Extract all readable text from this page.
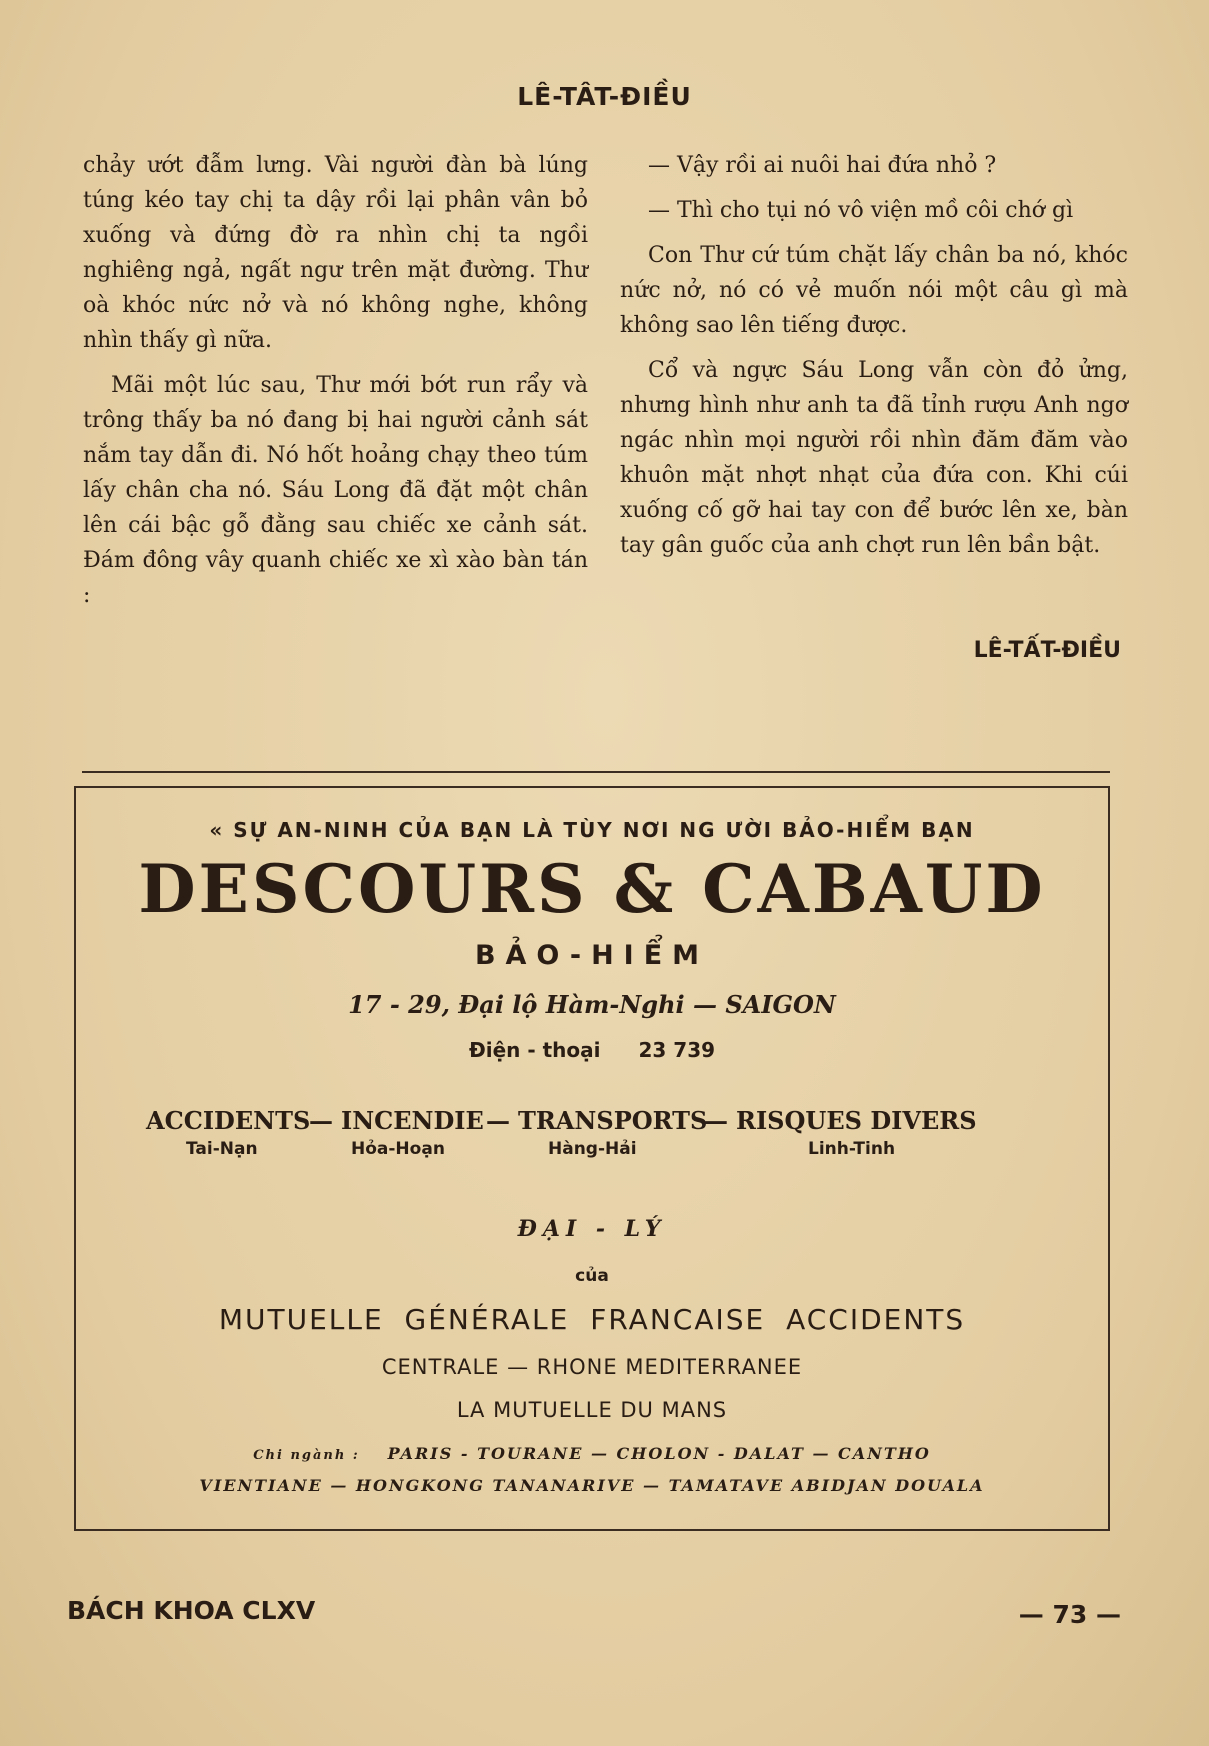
LÊ-TÂT-ĐIỀU

chảy ướt đẫm lưng. Vài người đàn bà lúng túng kéo tay chị ta dậy rồi lại phân vân bỏ xuống và đứng đờ ra nhìn chị ta ngồi nghiêng ngả, ngất ngư trên mặt đường. Thư oà khóc nức nở và nó không nghe, không nhìn thấy gì nữa.

Mãi một lúc sau, Thư mới bớt run rẩy và trông thấy ba nó đang bị hai người cảnh sát nắm tay dẫn đi. Nó hốt hoảng chạy theo túm lấy chân cha nó. Sáu Long đã đặt một chân lên cái bậc gỗ đằng sau chiếc xe cảnh sát. Đám đông vây quanh chiếc xe xì xào bàn tán :

— Vậy rồi ai nuôi hai đứa nhỏ ?

— Thì cho tụi nó vô viện mồ côi chớ gì

Con Thư cứ túm chặt lấy chân ba nó, khóc nức nở, nó có vẻ muốn nói một câu gì mà không sao lên tiếng được.

Cổ và ngực Sáu Long vẫn còn đỏ ửng, nhưng hình như anh ta đã tỉnh rượu Anh ngơ ngác nhìn mọi người rồi nhìn đăm đăm vào khuôn mặt nhợt nhạt của đứa con. Khi cúi xuống cố gỡ hai tay con để bước lên xe, bàn tay gân guốc của anh chợt run lên bần bật.

LÊ-TẤT-ĐIỀU
« SỰ AN-NINH CỦA BẠN LÀ TÙY NƠI NG ƯỜI BẢO-HIỂM BẠN
DESCOURS & CABAUD
BẢO-HIỂM
17 - 29, Đại lộ Hàm-Nghi — SAIGON
Điện - thoại 23 739
ACCIDENTS
Tai-Nạn
— INCENDIE
Hỏa-Hoạn
— TRANSPORTS
Hàng-Hải
— RISQUES DIVERS
Linh-Tinh
ĐẠI - LÝ
của
MUTUELLE GÉNÉRALE FRANCAISE ACCIDENTS
CENTRALE — RHONE MEDITERRANEE
LA MUTUELLE DU MANS
Chi ngành : PARIS - TOURANE — CHOLON - DALAT — CANTHO
VIENTIANE — HONGKONG TANANARIVE — TAMATAVE ABIDJAN DOUALA
BÁCH KHOA CLXV	— 73 —
